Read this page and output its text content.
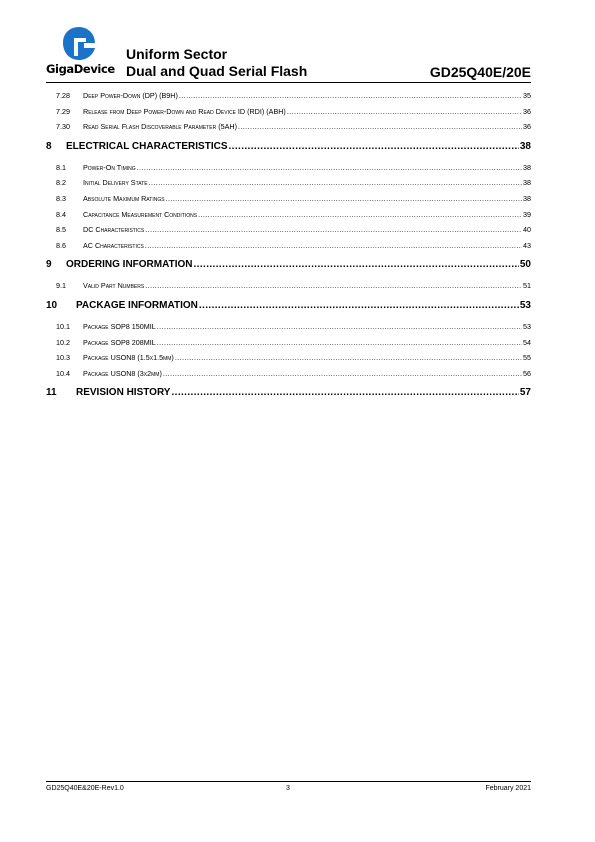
GigaDevice
Uniform Sector
Dual and Quad Serial Flash	GD25Q40E/20E
7.28	Deep Power-Down (DP) (B9H) .....	35
7.29	Release from Deep Power-Down and Read Device ID (RDI) (ABH) .....	36
7.30	Read Serial Flash Discoverable Parameter (5AH) .....	36
8	ELECTRICAL CHARACTERISTICS .....	38
8.1	Power-On Timing .....	38
8.2	Initial Delivery State .....	38
8.3	Absolute Maximum Ratings .....	38
8.4	Capacitance Measurement Conditions .....	39
8.5	DC Characteristics .....	40
8.6	AC Characteristics .....	43
9	ORDERING INFORMATION .....	50
9.1	Valid Part Numbers .....	51
10	PACKAGE INFORMATION .....	53
10.1	Package SOP8 150MIL .....	53
10.2	Package SOP8 208MIL .....	54
10.3	Package USON8 (1.5x1.5mm) .....	55
10.4	Package USON8 (3x2mm) .....	56
11	REVISION HISTORY .....	57
GD25Q40E&20E-Rev1.0	3	February 2021
